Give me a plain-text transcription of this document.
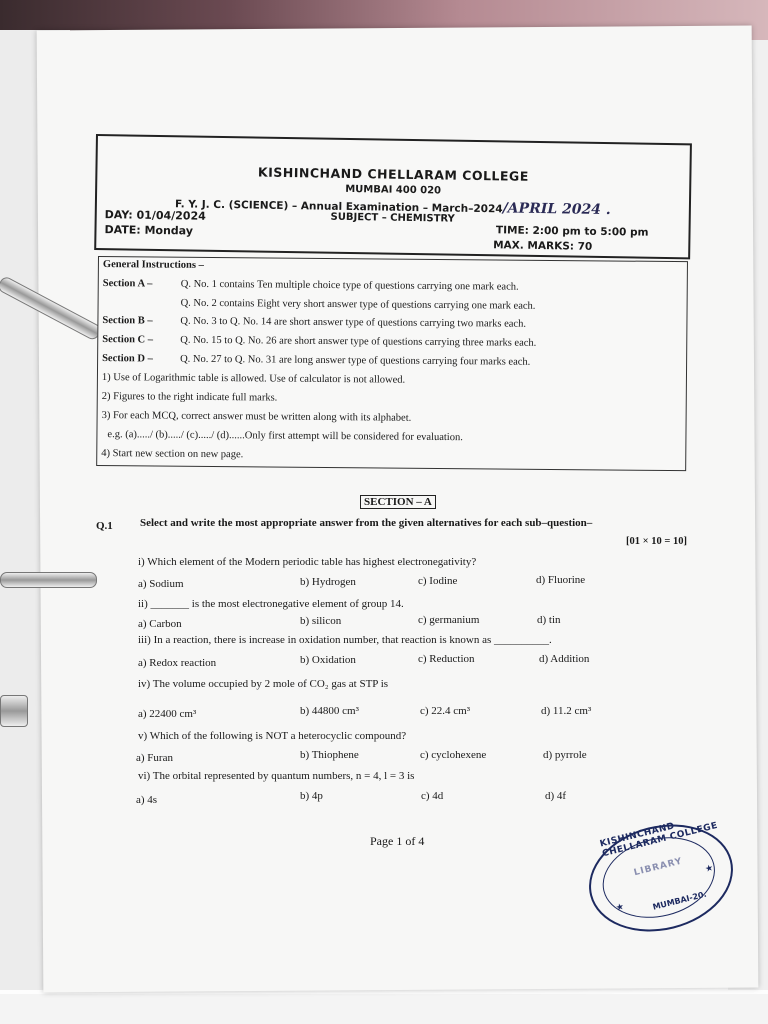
KISHINCHAND CHELLARAM COLLEGE
MUMBAI 400 020
F. Y. J. C. (SCIENCE) – Annual Examination – March–2024/APRIL 2024 .
SUBJECT – CHEMISTRY
DAY: 01/04/2024
DATE: Monday	TIME: 2:00 pm to 5:00 pm
MAX. MARKS: 70
General Instructions –
Section A –	Q. No. 1 contains Ten multiple choice type of questions carrying one mark each.
Q. No. 2 contains Eight very short answer type of questions carrying one mark each.
Section B –	Q. No. 3 to Q. No. 14 are short answer type of questions carrying two marks each.
Section C –	Q. No. 15 to Q. No. 26 are short answer type of questions carrying three marks each.
Section D –	Q. No. 27 to Q. No. 31 are long answer type of questions carrying four marks each.
1) Use of Logarithmic table is allowed. Use of calculator is not allowed.
2) Figures to the right indicate full marks.
3) For each MCQ, correct answer must be written along with its alphabet.
e.g. (a)...../ (b)...../ (c)...../ (d)......Only first attempt will be considered for evaluation.
4) Start new section on new page.
SECTION – A
Q.1 Select and write the most appropriate answer from the given alternatives for each sub–question–
[01 × 10 = 10]
i) Which element of the Modern periodic table has highest electronegativity?
a) Sodium	b) Hydrogen	c) Iodine	d) Fluorine
ii) _______ is the most electronegative element of group 14.
a) Carbon	b) silicon	c) germanium	d) tin
iii) In a reaction, there is increase in oxidation number, that reaction is known as __________.
a) Redox reaction	b) Oxidation	c) Reduction	d) Addition
iv) The volume occupied by 2 mole of CO₂ gas at STP is
a) 22400 cm³	b) 44800 cm³	c) 22.4 cm³	d) 11.2 cm³
v) Which of the following is NOT a heterocyclic compound?
a) Furan	b) Thiophene	c) cyclohexene	d) pyrrole
vi) The orbital represented by quantum numbers, n = 4, l = 3 is
a) 4s	b) 4p	c) 4d	d) 4f
Page 1 of 4	KISHINCHAND CHELLARAM COLLEGE
LIBRARY
MUMBAI-20.
★
★
